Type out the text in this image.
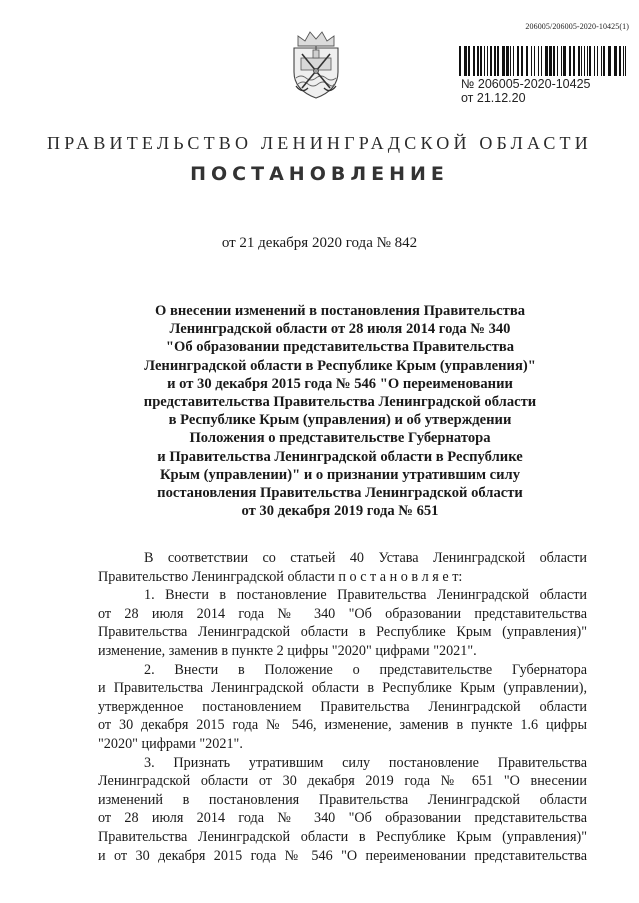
206005/206005-2020-10425(1)
№ 206005-2020-10425
от 21.12.20
ПРАВИТЕЛЬСТВО ЛЕНИНГРАДСКОЙ ОБЛАСТИ
ПОСТАНОВЛЕНИЕ
от 21 декабря 2020 года № 842
О внесении изменений в постановления Правительства
Ленинградской области от 28 июля 2014 года № 340
"Об образовании представительства Правительства
Ленинградской области в Республике Крым (управления)"
и от 30 декабря 2015 года № 546 "О переименовании
представительства Правительства Ленинградской области
в Республике Крым (управления) и об утверждении
Положения о представительстве Губернатора
и Правительства Ленинградской области в Республике
Крым (управлении)" и о признании утратившим силу
постановления Правительства Ленинградской области
от 30 декабря 2019 года № 651
В соответствии со статьей 40 Устава Ленинградской области
Правительство Ленинградской области п о с т а н о в л я е т:
1. Внести в постановление Правительства Ленинградской области
от 28 июля 2014 года № 340 "Об образовании представительства
Правительства Ленинградской области в Республике Крым (управления)"
изменение, заменив в пункте 2 цифры "2020" цифрами "2021".
2. Внести в Положение о представительстве Губернатора
и Правительства Ленинградской области в Республике Крым (управлении),
утвержденное постановлением Правительства Ленинградской области
от 30 декабря 2015 года № 546, изменение, заменив в пункте 1.6 цифры
"2020" цифрами "2021".
3. Признать утратившим силу постановление Правительства
Ленинградской области от 30 декабря 2019 года № 651 "О внесении
изменений в постановления Правительства Ленинградской области
от 28 июля 2014 года № 340 "Об образовании представительства
Правительства Ленинградской области в Республике Крым (управления)"
и от 30 декабря 2015 года № 546 "О переименовании представительства
